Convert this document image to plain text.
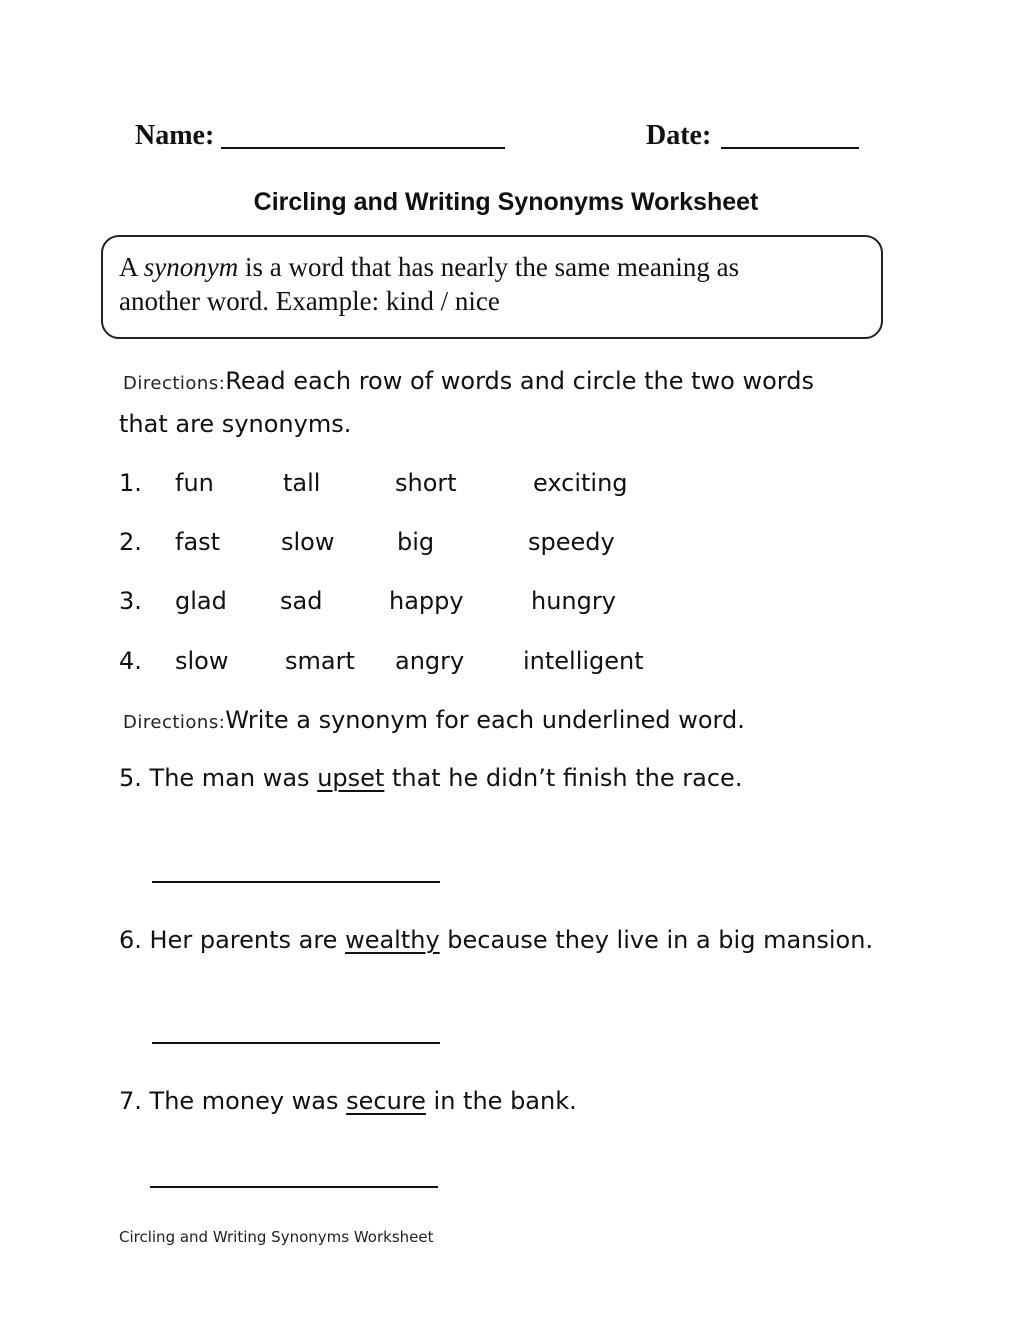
Name:	Date:
Circling and Writing Synonyms Worksheet
A synonym is a word that has nearly the same meaning as
another word. Example: kind / nice
Directions:Read each row of words and circle the two words
that are synonyms.
1. fun	tall	short	exciting
2. fast	slow	big	speedy
3. glad sad	happy	hungry
4. slow smart angry intelligent
Directions:Write a synonym for each underlined word.
5. The man was upset that he didn’t finish the race.
6. Her parents are wealthy because they live in a big mansion.
7. The money was secure in the bank.
Circling and Writing Synonyms Worksheet
